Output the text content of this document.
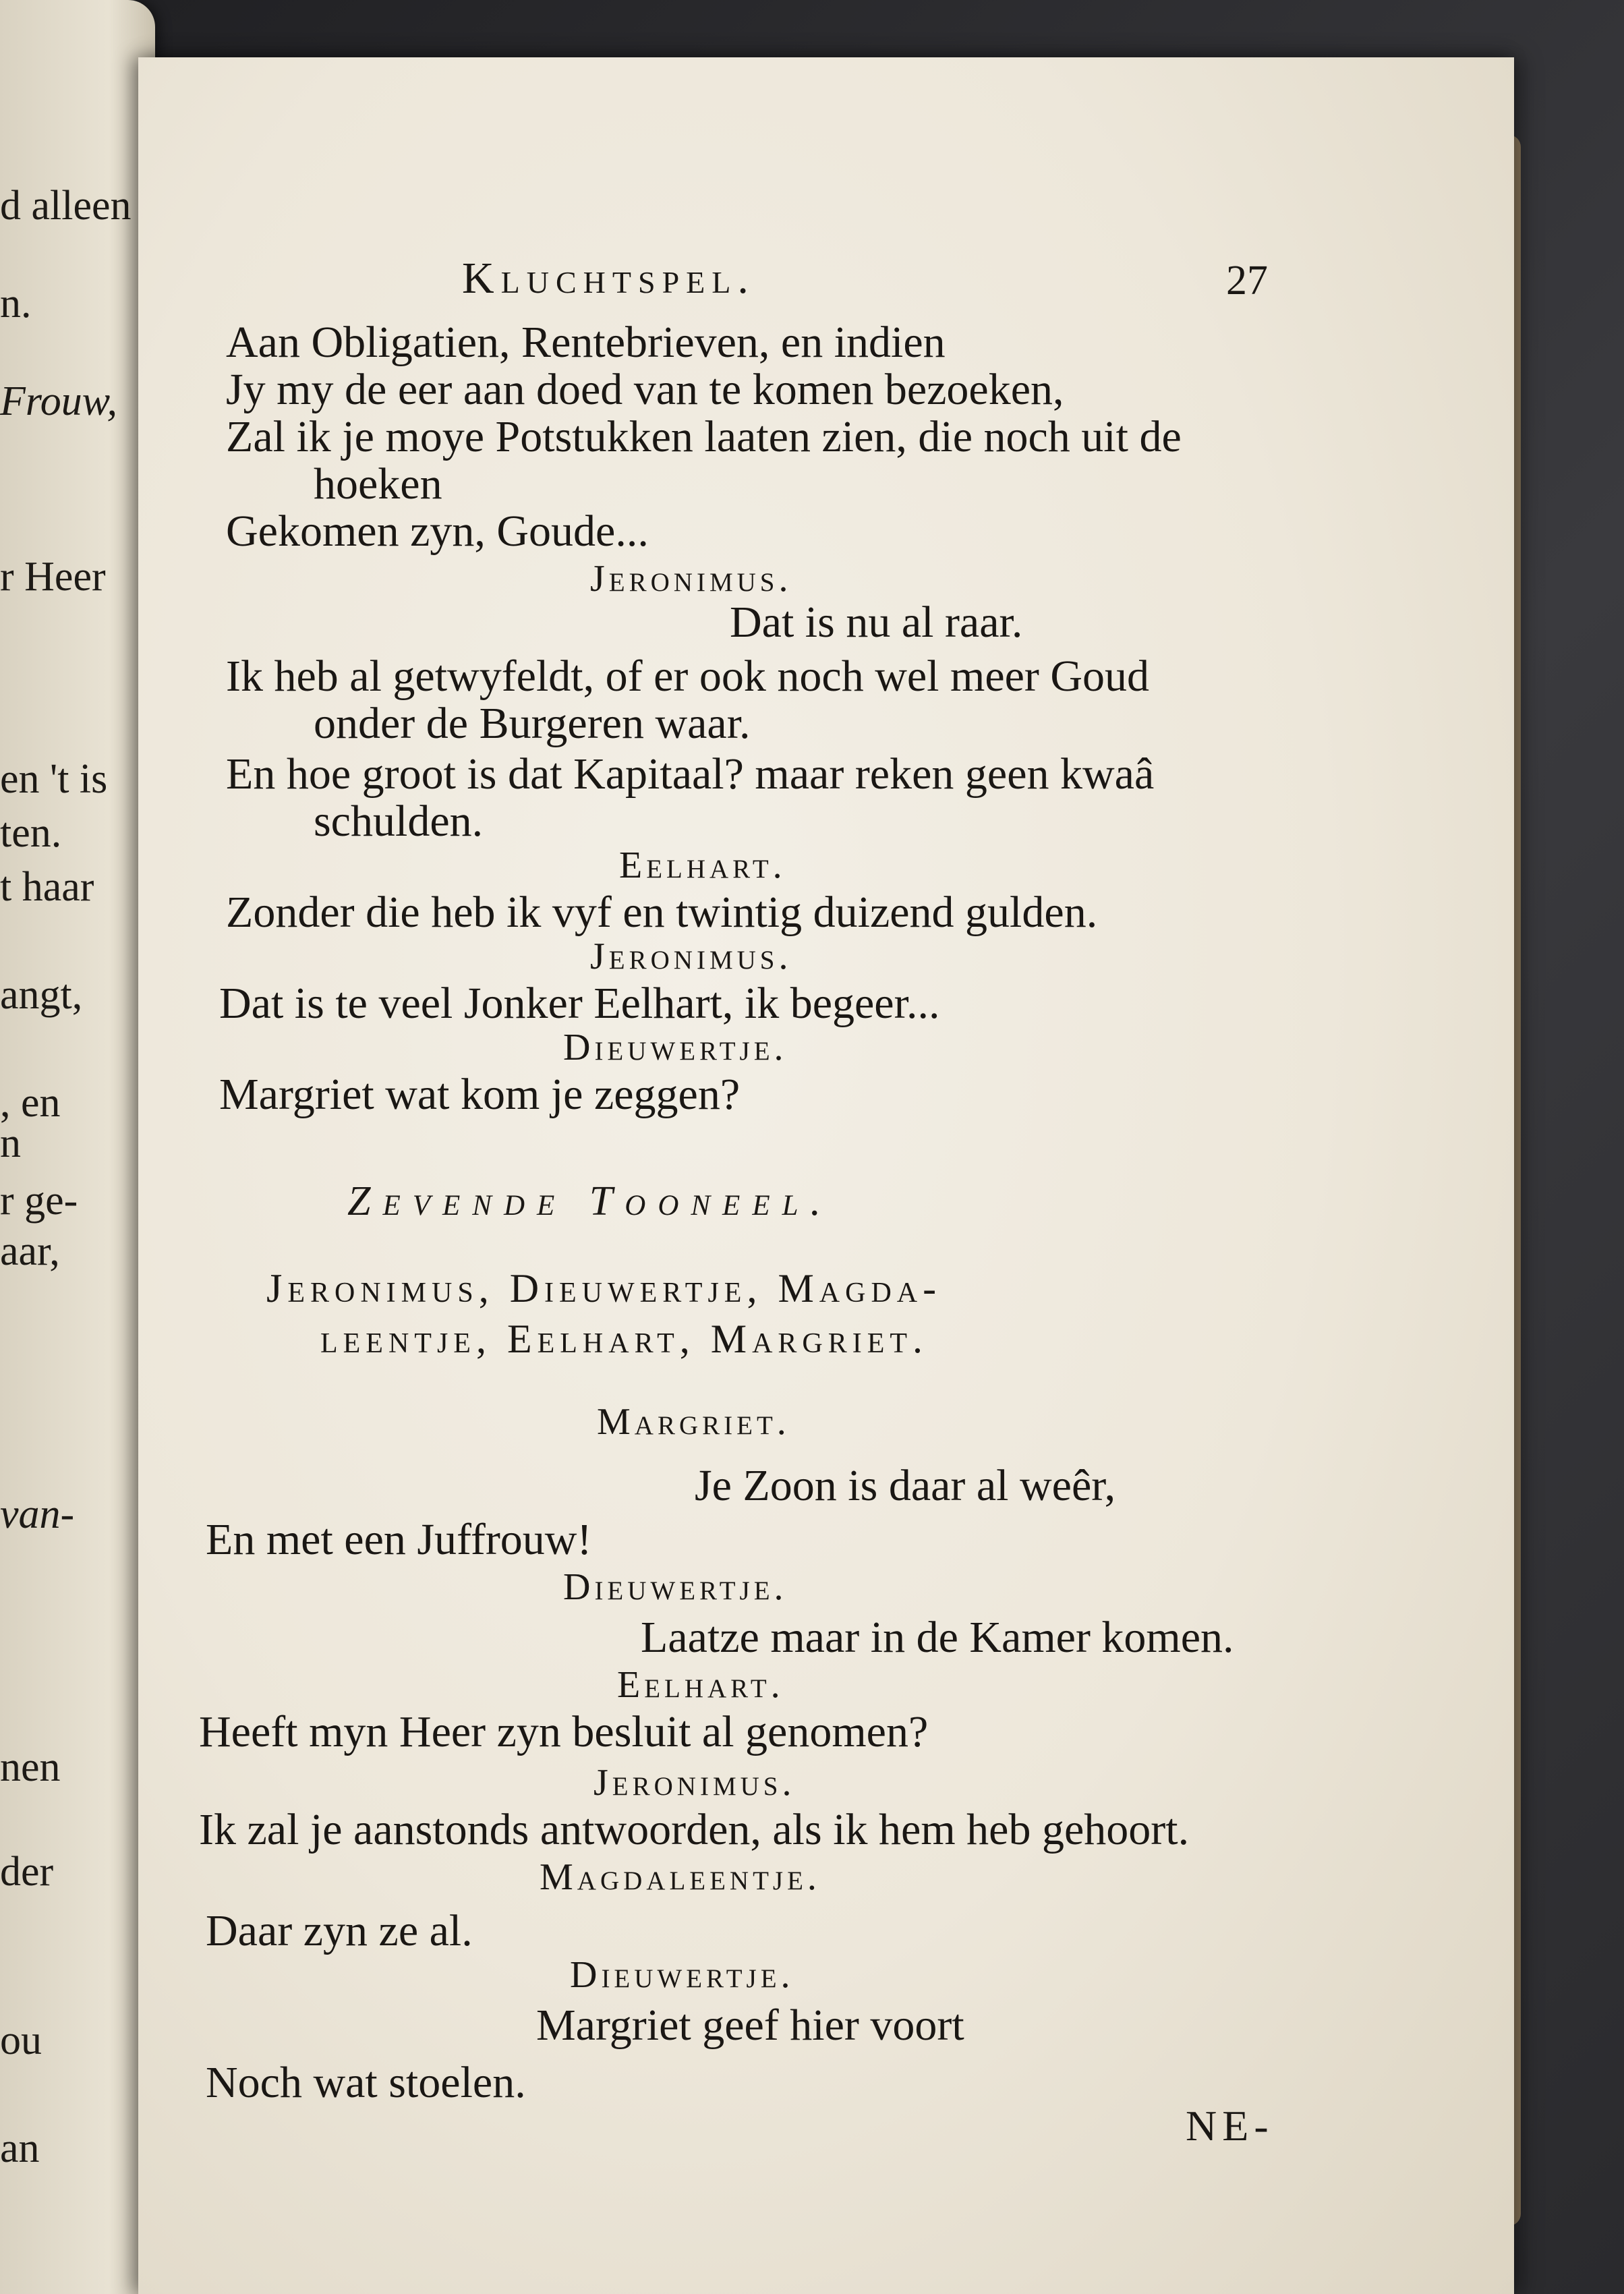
d alleen
n.
Frouw,
r Heer
en 't is
ten.
t haar
angt,
, en
n
r ge-
aar,
van-
nen
der
ou
an
Kluchtspel.	27
Aan Obligatien, Rentebrieven, en indien
Jy my de eer aan doed van te komen bezoeken,
Zal ik je moye Potstukken laaten zien, die noch uit de
hoeken
Gekomen zyn, Goude...
Jeronimus.
Dat is nu al raar.
Ik heb al getwyfeldt, of er ook noch wel meer Goud
onder de Burgeren waar.
En hoe groot is dat Kapitaal? maar reken geen kwaâ
schulden.
Eelhart.
Zonder die heb ik vyf en twintig duizend gulden.
Jeronimus.
Dat is te veel Jonker Eelhart, ik begeer...
Dieuwertje.
Margriet wat kom je zeggen?
Zevende Tooneel.
Jeronimus, Dieuwertje, Magda-
leentje, Eelhart, Margriet.
Margriet.
Je Zoon is daar al weêr,
En met een Juffrouw!
Dieuwertje.
Laatze maar in de Kamer komen.
Eelhart.
Heeft myn Heer zyn besluit al genomen?
Jeronimus.
Ik zal je aanstonds antwoorden, als ik hem heb gehoort.
Magdaleentje.
Daar zyn ze al.
Dieuwertje.
Margriet geef hier voort
Noch wat stoelen.
NE-
